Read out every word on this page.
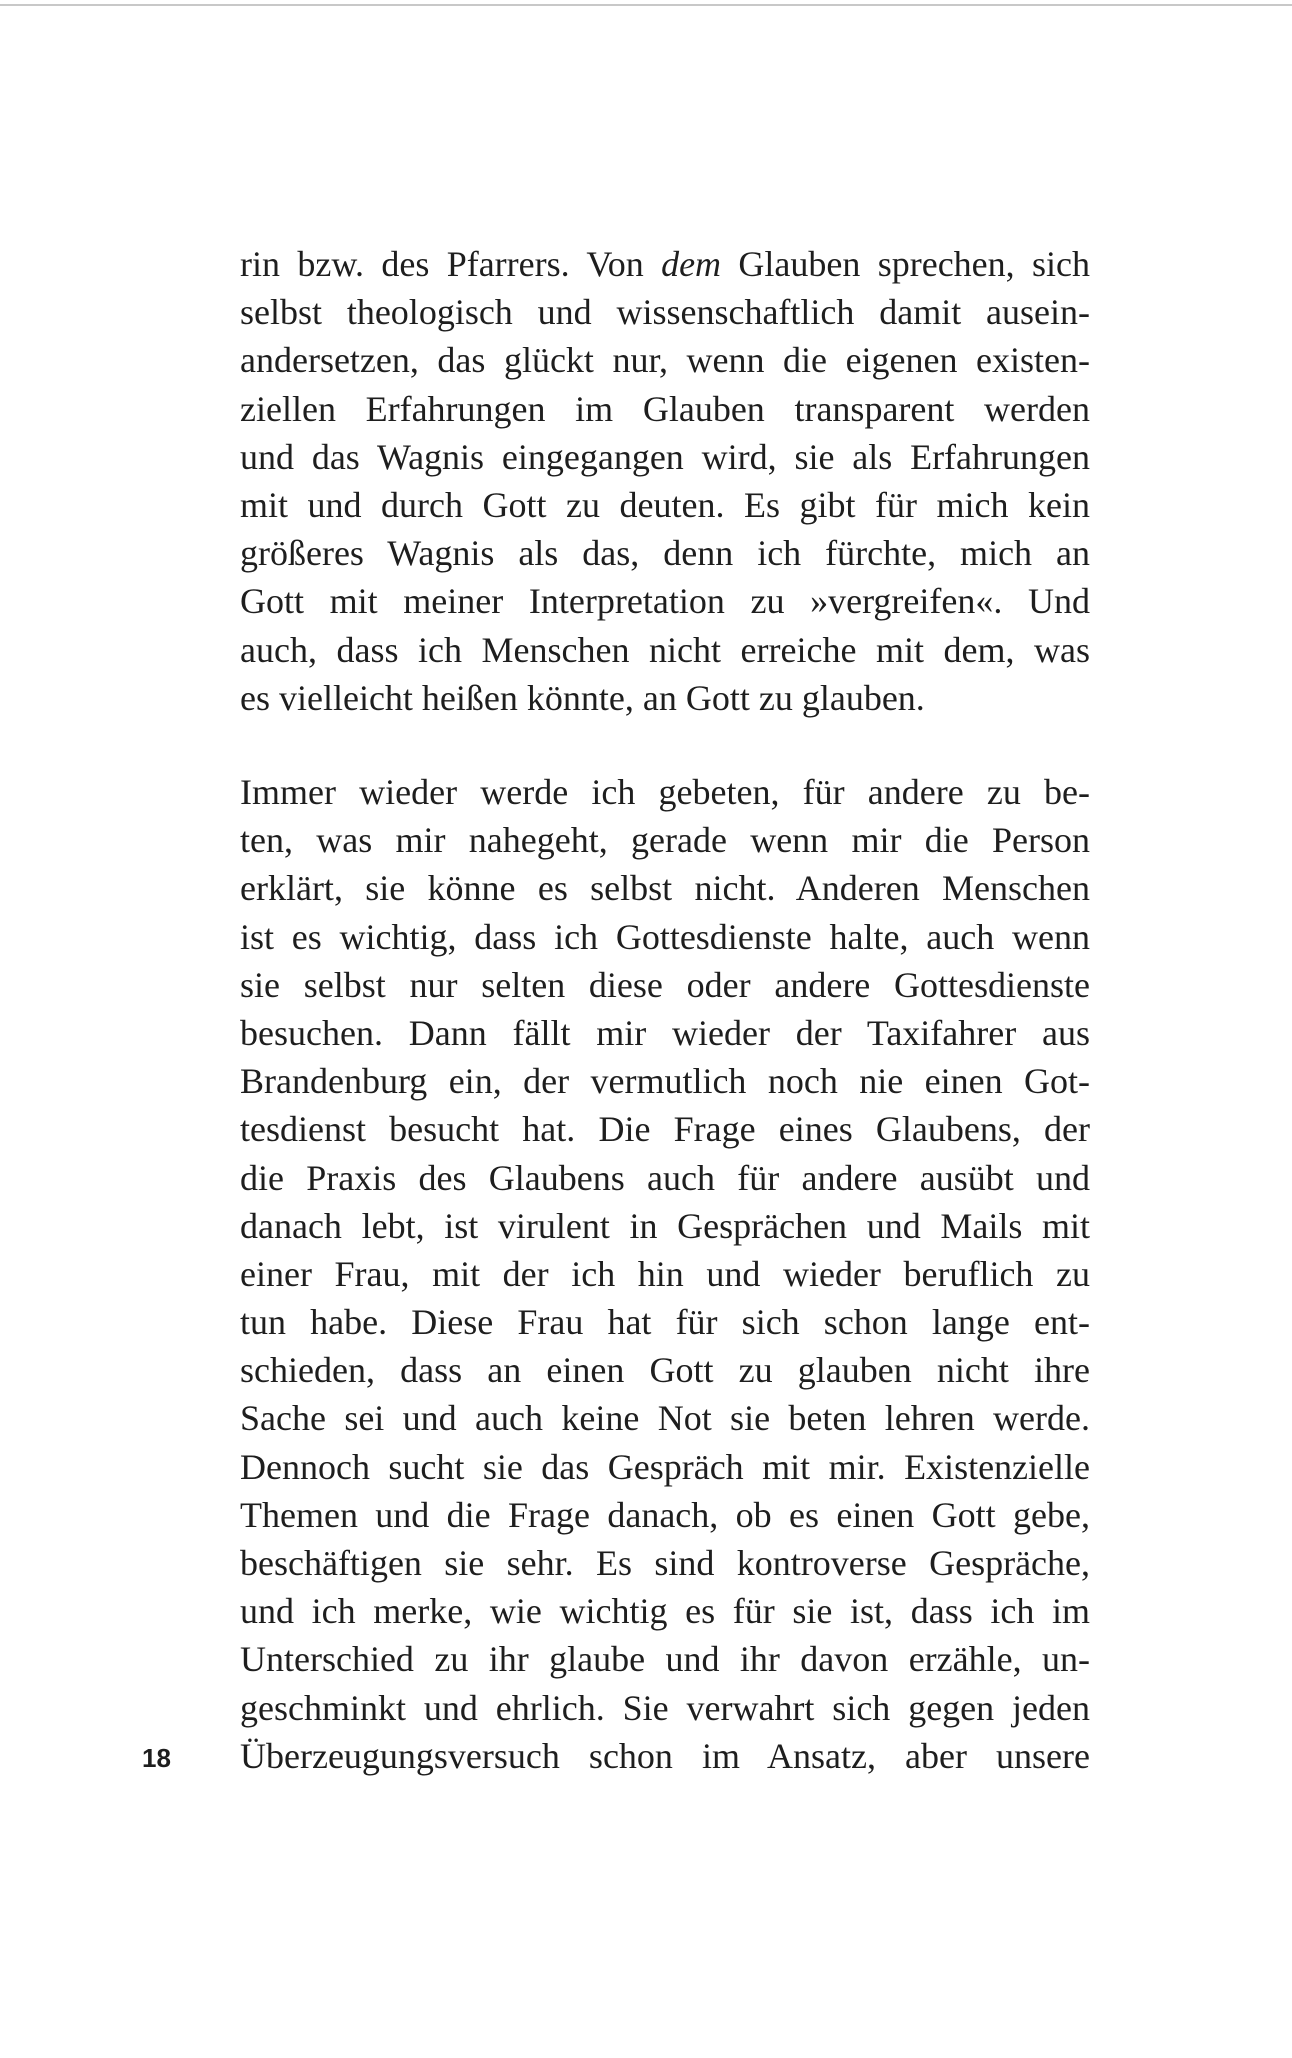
rin bzw. des Pfarrers. Von dem Glauben sprechen, sich
selbst theologisch und wissenschaftlich damit ausein-
andersetzen, das glückt nur, wenn die eigenen existen-
ziellen Erfahrungen im Glauben transparent werden
und das Wagnis eingegangen wird, sie als Erfahrungen
mit und durch Gott zu deuten. Es gibt für mich kein
größeres Wagnis als das, denn ich fürchte, mich an
Gott mit meiner Interpretation zu »vergreifen«. Und
auch, dass ich Menschen nicht erreiche mit dem, was
es vielleicht heißen könnte, an Gott zu glauben.
Immer wieder werde ich gebeten, für andere zu be-
ten, was mir nahegeht, gerade wenn mir die Person
erklärt, sie könne es selbst nicht. Anderen Menschen
ist es wichtig, dass ich Gottesdienste halte, auch wenn
sie selbst nur selten diese oder andere Gottesdienste
besuchen. Dann fällt mir wieder der Taxifahrer aus
Brandenburg ein, der vermutlich noch nie einen Got-
tesdienst besucht hat. Die Frage eines Glaubens, der
die Praxis des Glaubens auch für andere ausübt und
danach lebt, ist virulent in Gesprächen und Mails mit
einer Frau, mit der ich hin und wieder beruflich zu
tun habe. Diese Frau hat für sich schon lange ent-
schieden, dass an einen Gott zu glauben nicht ihre
Sache sei und auch keine Not sie beten lehren werde.
Dennoch sucht sie das Gespräch mit mir. Existenzielle
Themen und die Frage danach, ob es einen Gott gebe,
beschäftigen sie sehr. Es sind kontroverse Gespräche,
und ich merke, wie wichtig es für sie ist, dass ich im
Unterschied zu ihr glaube und ihr davon erzähle, un-
geschminkt und ehrlich. Sie verwahrt sich gegen jeden
Überzeugungsversuch schon im Ansatz, aber unsere
18
